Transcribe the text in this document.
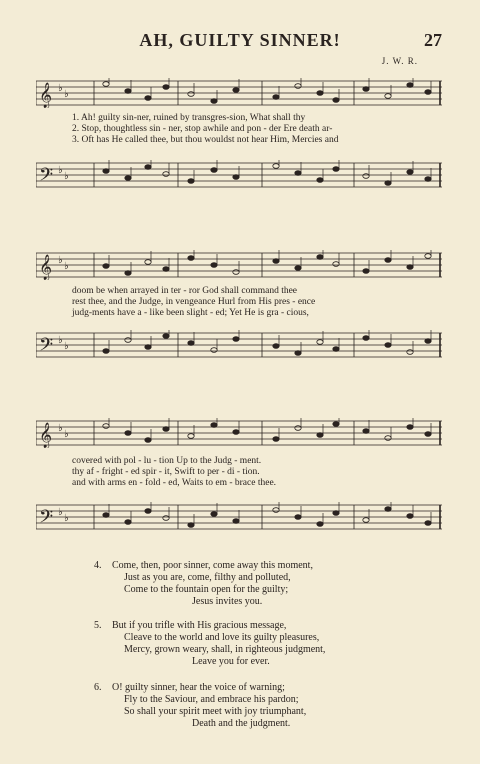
AH, GUILTY SINNER!	27
J. W. R.
𝄞 ♭
♭
1. Ah! guilty sin-ner, ruined by transgres-sion, What shall thy
2. Stop, thoughtless sin - ner, stop awhile and pon - der Ere death ar-
3. Oft has He called thee, but thou wouldst not hear Him, Mercies and
𝄢 ♭
♭
𝄞 ♭
♭
doom be when arrayed in ter - ror God shall command thee
rest thee, and the Judge, in vengeance Hurl from His pres - ence
judg-ments have a - like been slight - ed; Yet He is gra - cious,
𝄢 ♭
♭
𝄞 ♭
♭
covered with pol - lu - tion Up to the Judg - ment.
thy af - fright - ed spir - it, Swift to per - di - tion.
and with arms en - fold - ed, Waits to em - brace thee.
𝄢 ♭
♭
4. Come, then, poor sinner, come away this moment,
Just as you are, come, filthy and polluted,
Come to the fountain open for the guilty;
Jesus invites you.
5. But if you trifle with His gracious message,
Cleave to the world and love its guilty pleasures,
Mercy, grown weary, shall, in righteous judgment,
Leave you for ever.
6. O! guilty sinner, hear the voice of warning;
Fly to the Saviour, and embrace his pardon;
So shall your spirit meet with joy triumphant,
Death and the judgment.
